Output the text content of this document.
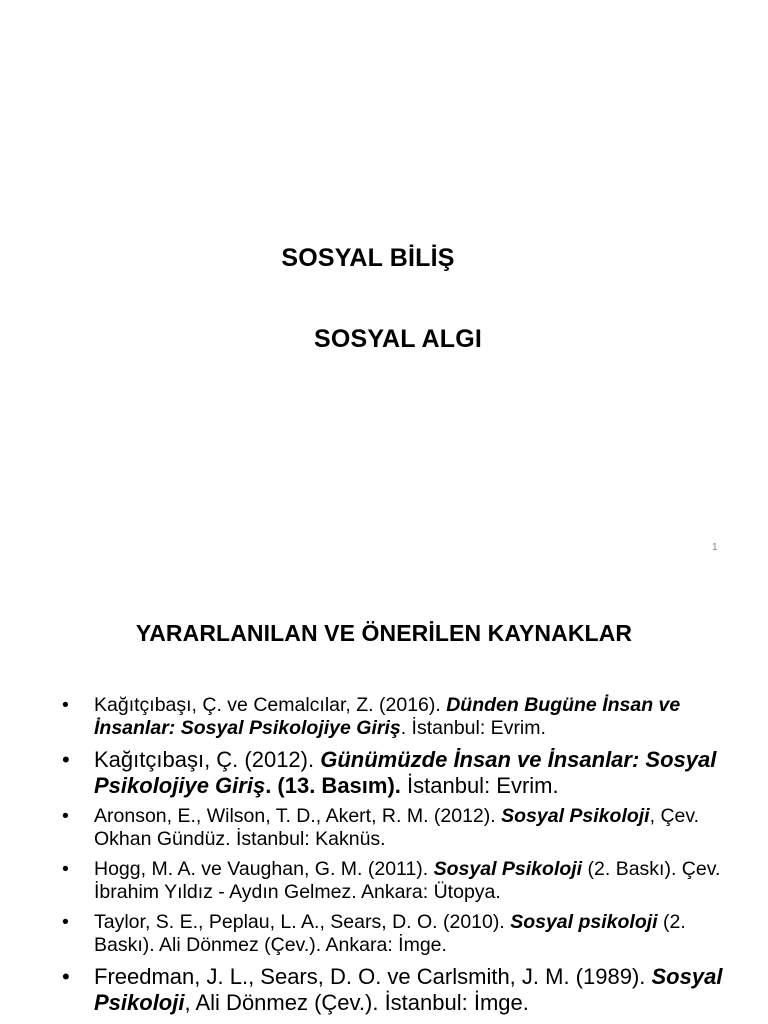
SOSYAL BİLİŞ
SOSYAL ALGI
1
YARARLANILAN VE ÖNERİLEN KAYNAKLAR
• Kağıtçıbaşı, Ç. ve Cemalcılar, Z. (2016). Dünden Bugüne İnsan ve İnsanlar: Sosyal Psikolojiye Giriş. İstanbul: Evrim.
• Kağıtçıbaşı, Ç. (2012). Günümüzde İnsan ve İnsanlar: Sosyal Psikolojiye Giriş. (13. Basım). İstanbul: Evrim.
• Aronson, E., Wilson, T. D., Akert, R. M. (2012). Sosyal Psikoloji, Çev. Okhan Gündüz. İstanbul: Kaknüs.
• Hogg, M. A. ve Vaughan, G. M. (2011). Sosyal Psikoloji (2. Baskı). Çev. İbrahim Yıldız - Aydın Gelmez. Ankara: Ütopya.
• Taylor, S. E., Peplau, L. A., Sears, D. O. (2010). Sosyal psikoloji (2. Baskı). Ali Dönmez (Çev.). Ankara: İmge.
• Freedman, J. L., Sears, D. O. ve Carlsmith, J. M. (1989). Sosyal Psikoloji, Ali Dönmez (Çev.). İstanbul: İmge.
